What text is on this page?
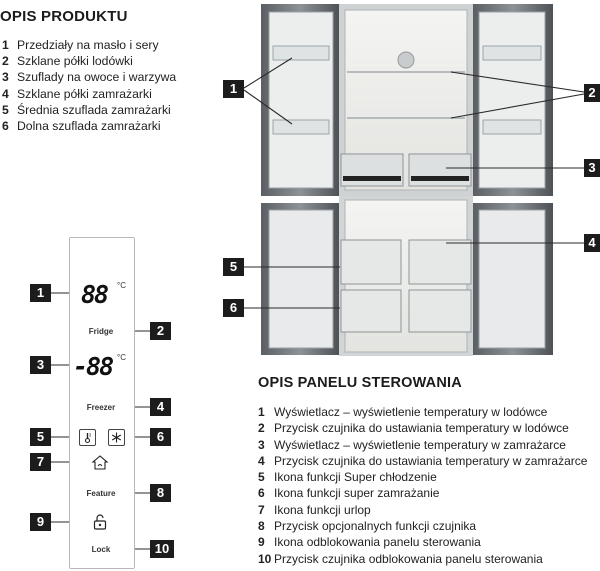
OPIS PRODUKTU
1 Przedziały na masło i sery
2 Szklane półki lodówki
3 Szuflady na owoce i warzywa
4 Szklane półki zamrażarki
5 Średnia szuflada zamrażarki
6 Dolna szuflada zamrażarki
1	2
3
4
5
6
88 °C
Fridge
-88 °C
Freezer
Feature
Lock
1
2
3
4
5	6
7
8
9
10
OPIS PANELU STEROWANIA
1 Wyświetlacz – wyświetlenie temperatury w lodówce
2 Przycisk czujnika do ustawiania temperatury w lodówce
3 Wyświetlacz – wyświetlenie temperatury w zamrażarce
4 Przycisk czujnika do ustawiania temperatury w zamrażarce
5 Ikona funkcji Super chłodzenie
6 Ikona funkcji super zamrażanie
7 Ikona funkcji urlop
8 Przycisk opcjonalnych funkcji czujnika
9 Ikona odblokowania panelu sterowania
10 Przycisk czujnika odblokowania panelu sterowania
